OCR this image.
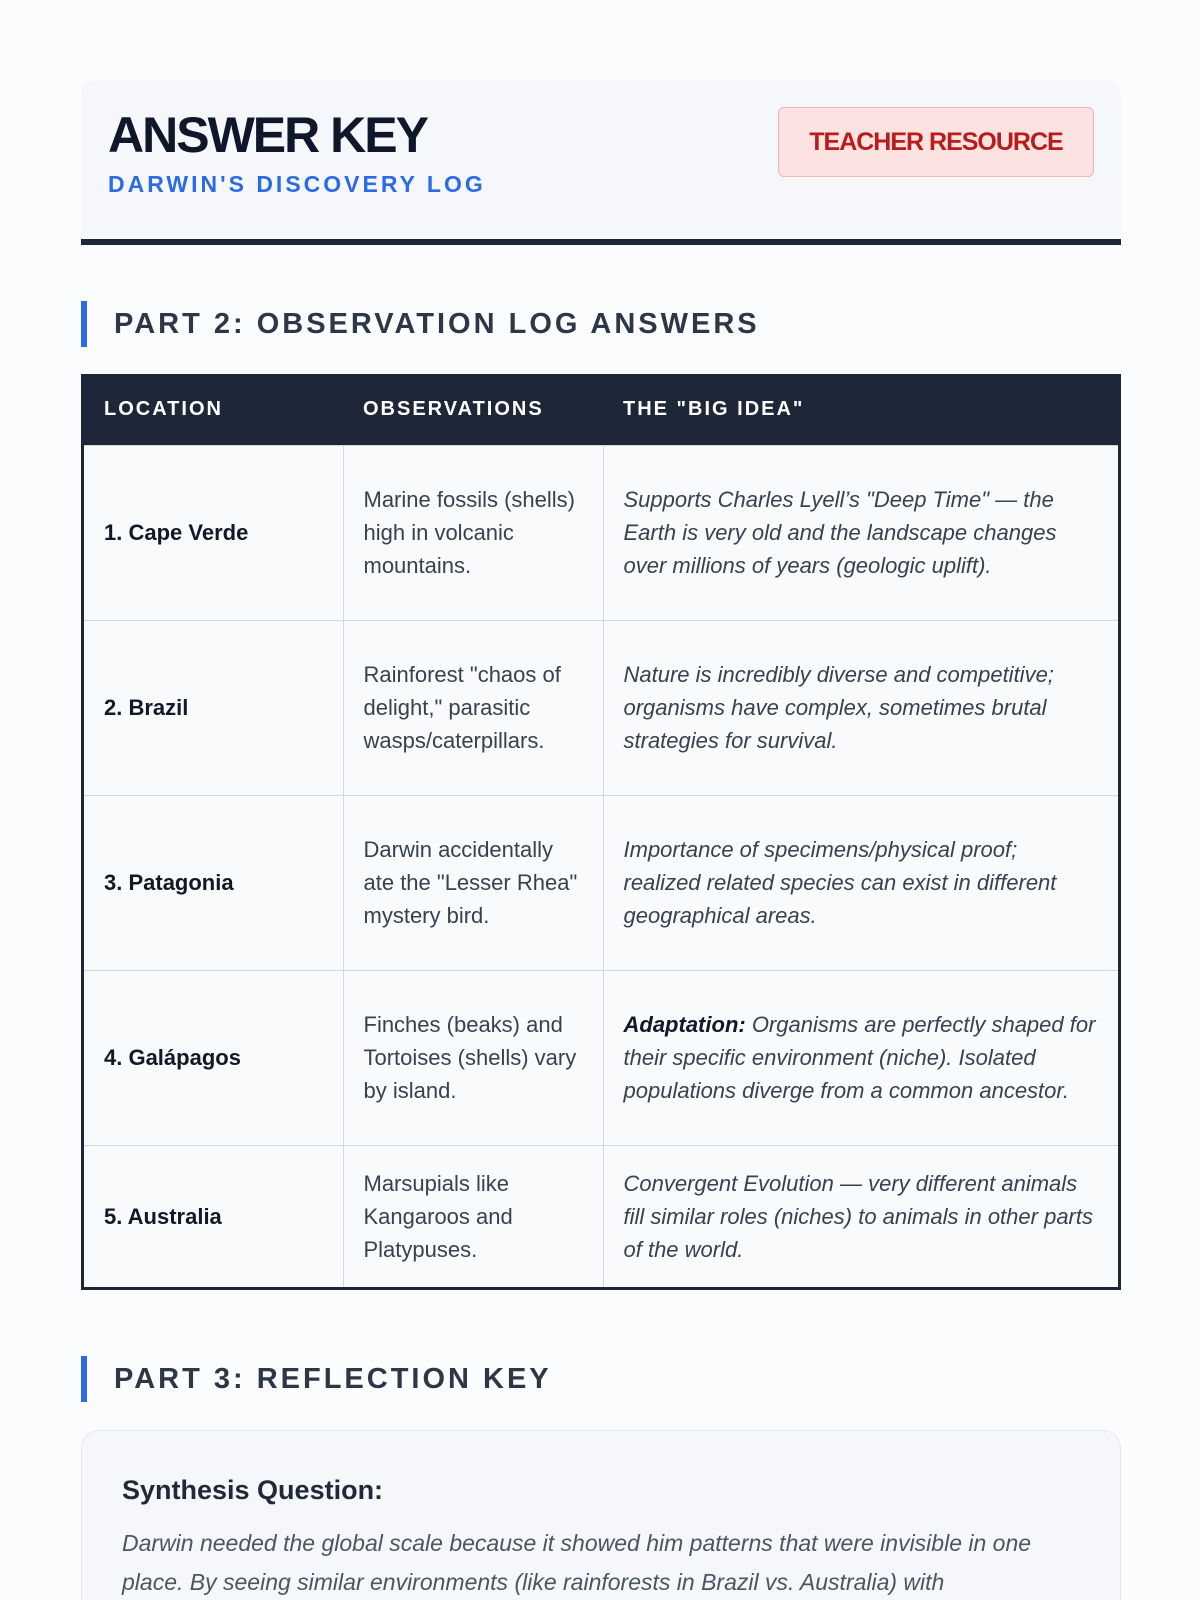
ANSWER KEY
DARWIN'S DISCOVERY LOG
TEACHER RESOURCE
PART 2: OBSERVATION LOG ANSWERS
LOCATION	OBSERVATIONS	THE "BIG IDEA"
1. Cape Verde	Marine fossils (shells) high in volcanic mountains.	Supports Charles Lyell’s "Deep Time" — the Earth is very old and the landscape changes over millions of years (geologic uplift).
2. Brazil	Rainforest "chaos of delight," parasitic wasps/caterpillars.	Nature is incredibly diverse and competitive; organisms have complex, sometimes brutal strategies for survival.
3. Patagonia	Darwin accidentally ate the "Lesser Rhea" mystery bird.	Importance of specimens/physical proof; realized related species can exist in different geographical areas.
4. Galápagos	Finches (beaks) and Tortoises (shells) vary by island.	Adaptation: Organisms are perfectly shaped for their specific environment (niche). Isolated populations diverge from a common ancestor.
5. Australia	Marsupials like Kangaroos and Platypuses.	Convergent Evolution — very different animals fill similar roles (niches) to animals in other parts of the world.
PART 3: REFLECTION KEY
Synthesis Question:
Darwin needed the global scale because it showed him patterns that were invisible in one place. By seeing similar environments (like rainforests in Brazil vs. Australia) with
